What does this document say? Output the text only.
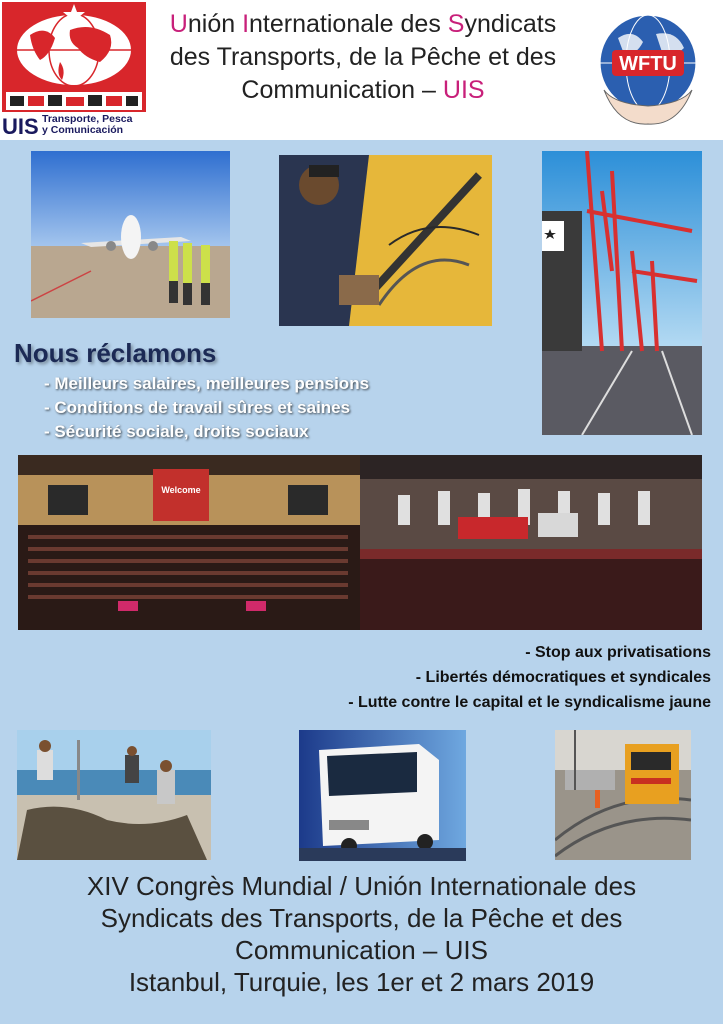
UIS Transporte, Pesca
y Comunicación
Unión Internationale des Syndicats
des Transports, de la Pêche et des
Communication – UIS
WFTU
Nous réclamons
- Meilleurs salaires, meilleures pensions
- Conditions de travail sûres et saines
- Sécurité sociale, droits sociaux
Welcome
- Stop aux privatisations
- Libertés démocratiques et syndicales
- Lutte contre le capital et le syndicalisme jaune
XIV Congrès Mundial / Unión Internationale des
Syndicats des Transports, de la Pêche et des
Communication – UIS
Istanbul, Turquie, les 1er et 2 mars 2019
